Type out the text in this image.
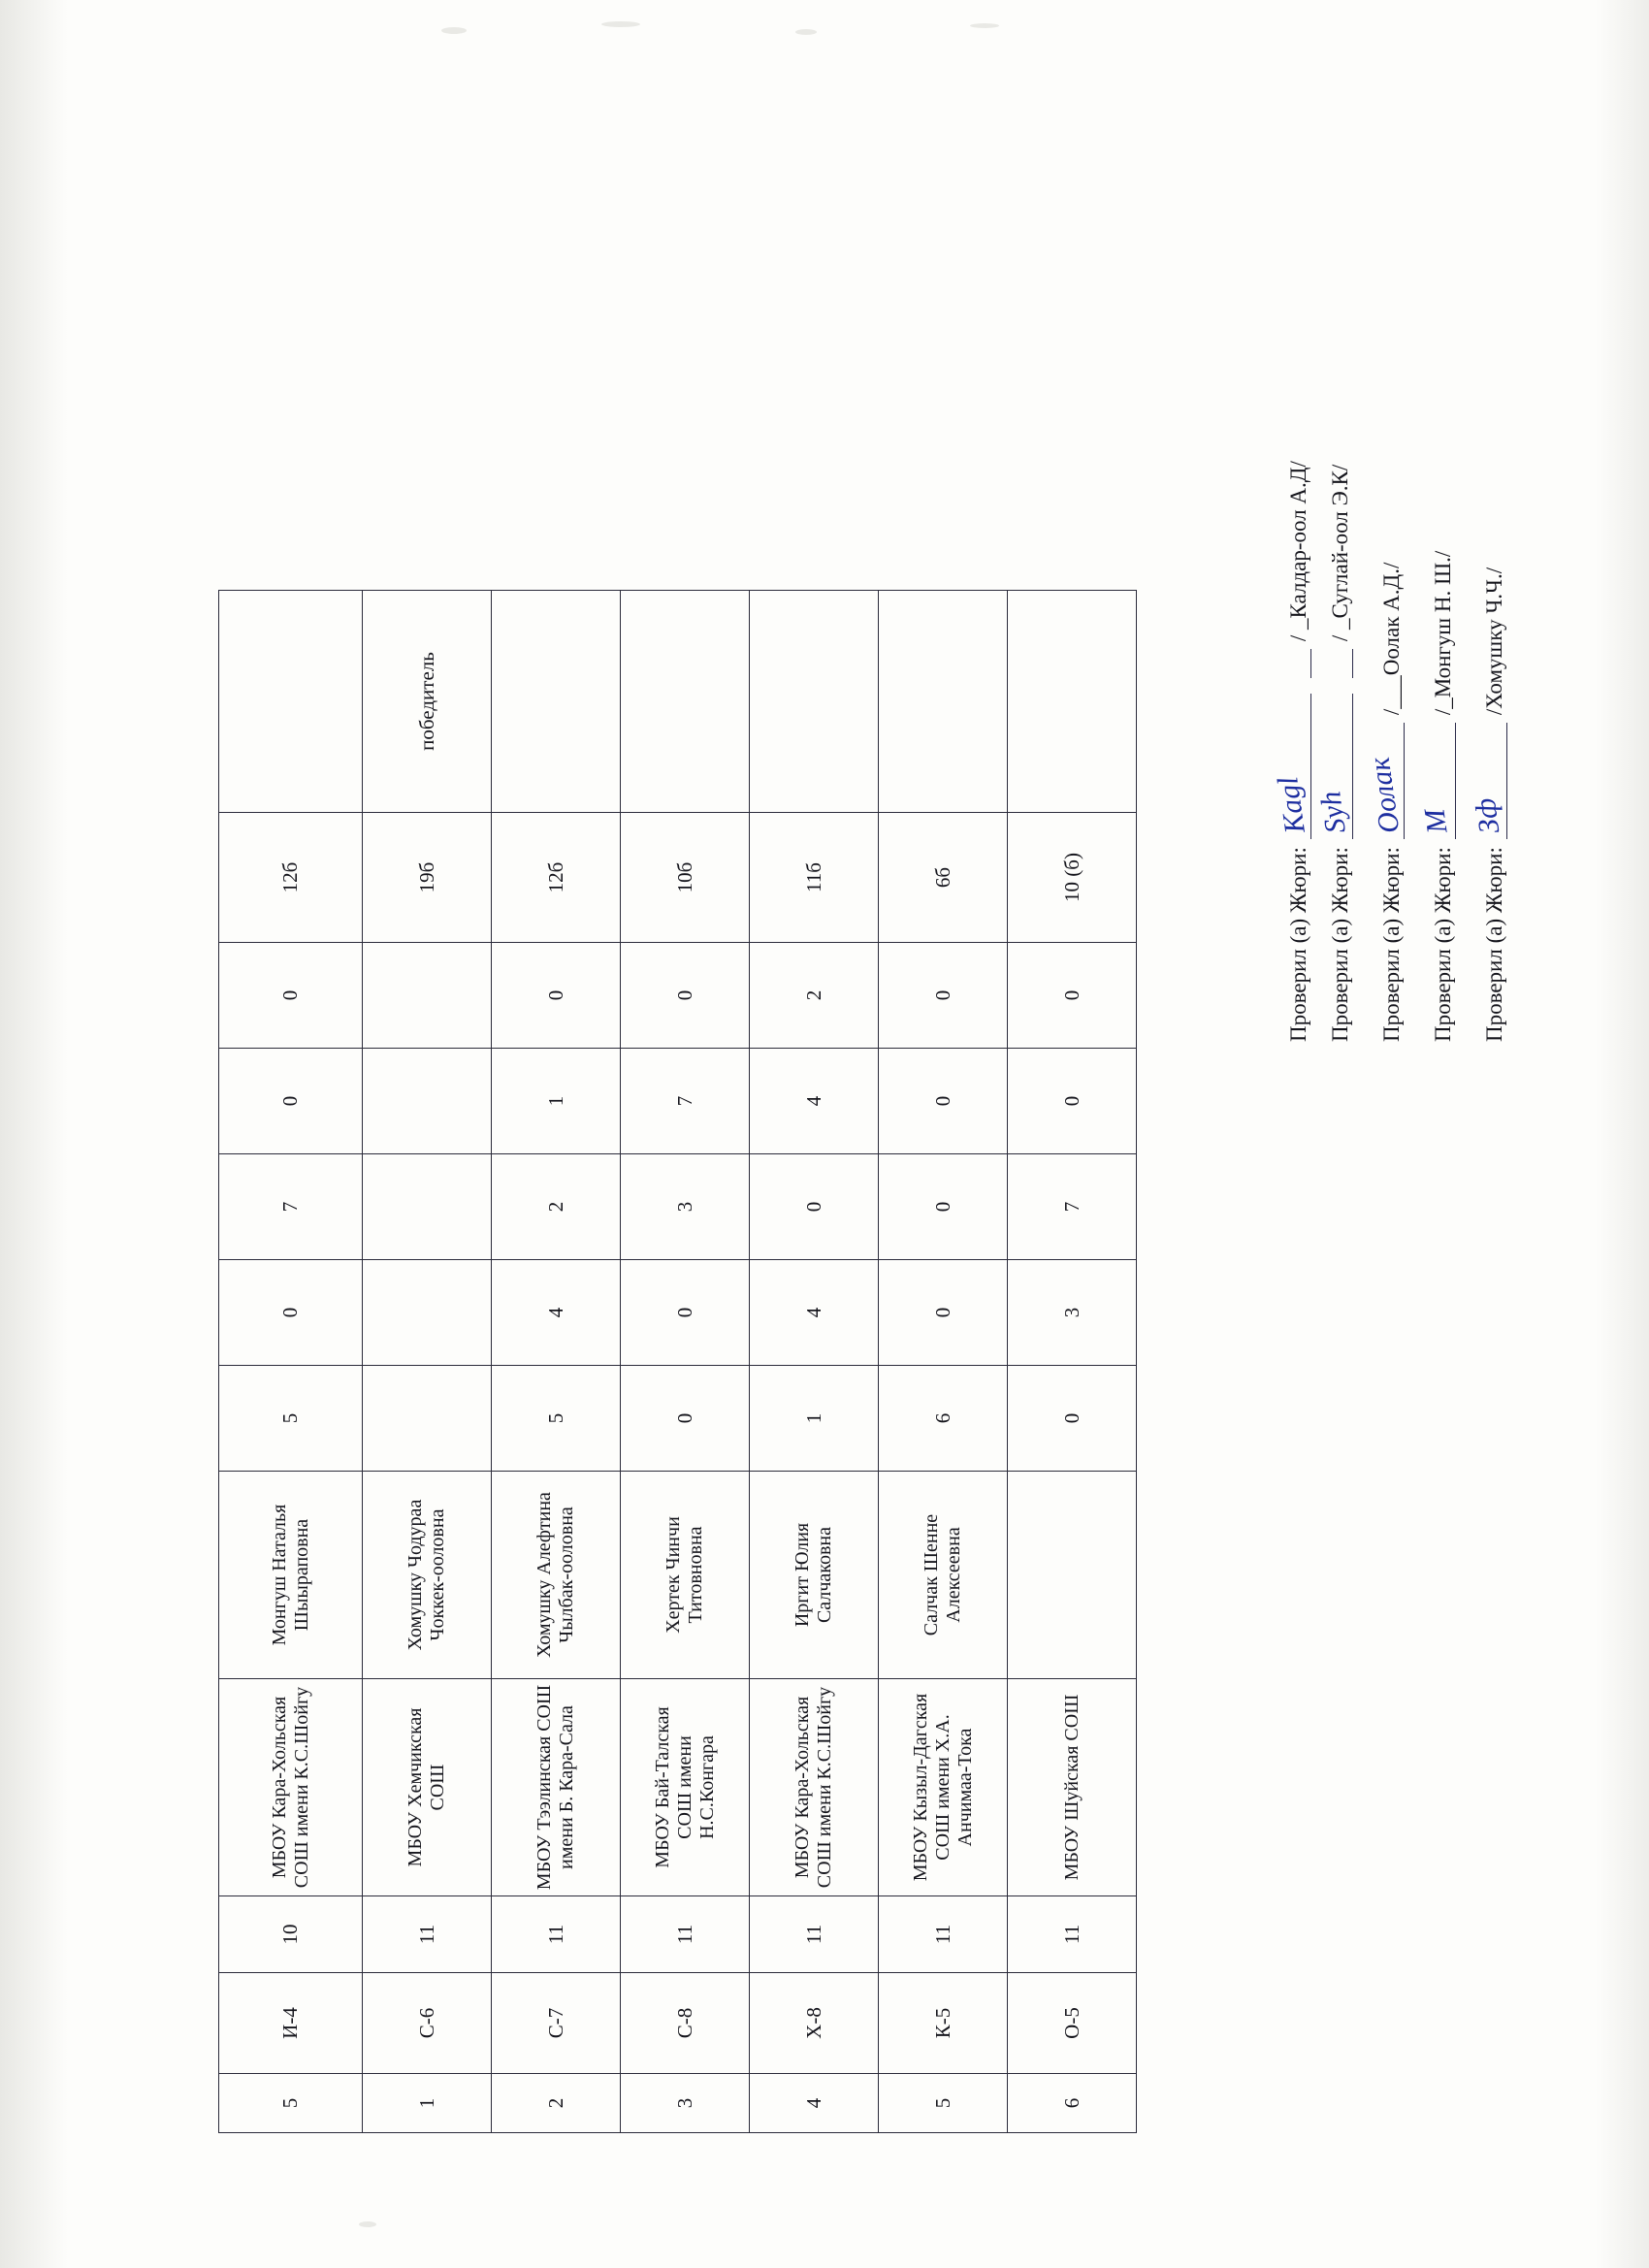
5	И-4	10	МБОУ Кара-Хольская СОШ имени К.С.Шойгу	Монгуш Наталья Шыыраповна	5	0	7	0	0	12б	
1	С-6	11	МБОУ Хемчикская СОШ	Хомушку Чодураа Чоккек-ооловна						19б	победитель
2	С-7	11	МБОУ Тээлинская СОШ имени Б. Кара-Сала	Хомушку Алефтина Чылбак-ооловна	5	4	2	1	0	12б	
3	С-8	11	МБОУ Бай-Талская СОШ имени Н.С.Конгара	Хертек Чинчи Титовновна	0	0	3	7	0	10б	
4	Х-8	11	МБОУ Кара-Хольская СОШ имени К.С.Шойгу	Иргит Юлия Салчаковна	1	4	0	4	2	11б	
5	К-5	11	МБОУ Кызыл-Дагская СОШ имени Х.А. Анчимаа-Тока	Салчак Шенне Алексеевна	6	0	0	0	0	6б	
6	О-5	11	МБОУ Шуйская СОШ		0	3	7	0	0	10 (б)		Проверил (а) Жюри:
Kagl
/ _Калдар-оол А.Д/
Проверил (а) Жюри:
Syh
/ _Суглай-оол Э.К/
Проверил (а) Жюри:
Оолак
/___Оолак А.Д./
Проверил (а) Жюри:
М
/_Монгуш Н. Ш./
Проверил (а) Жюри:
Зф
/Хомушку Ч.Ч./
